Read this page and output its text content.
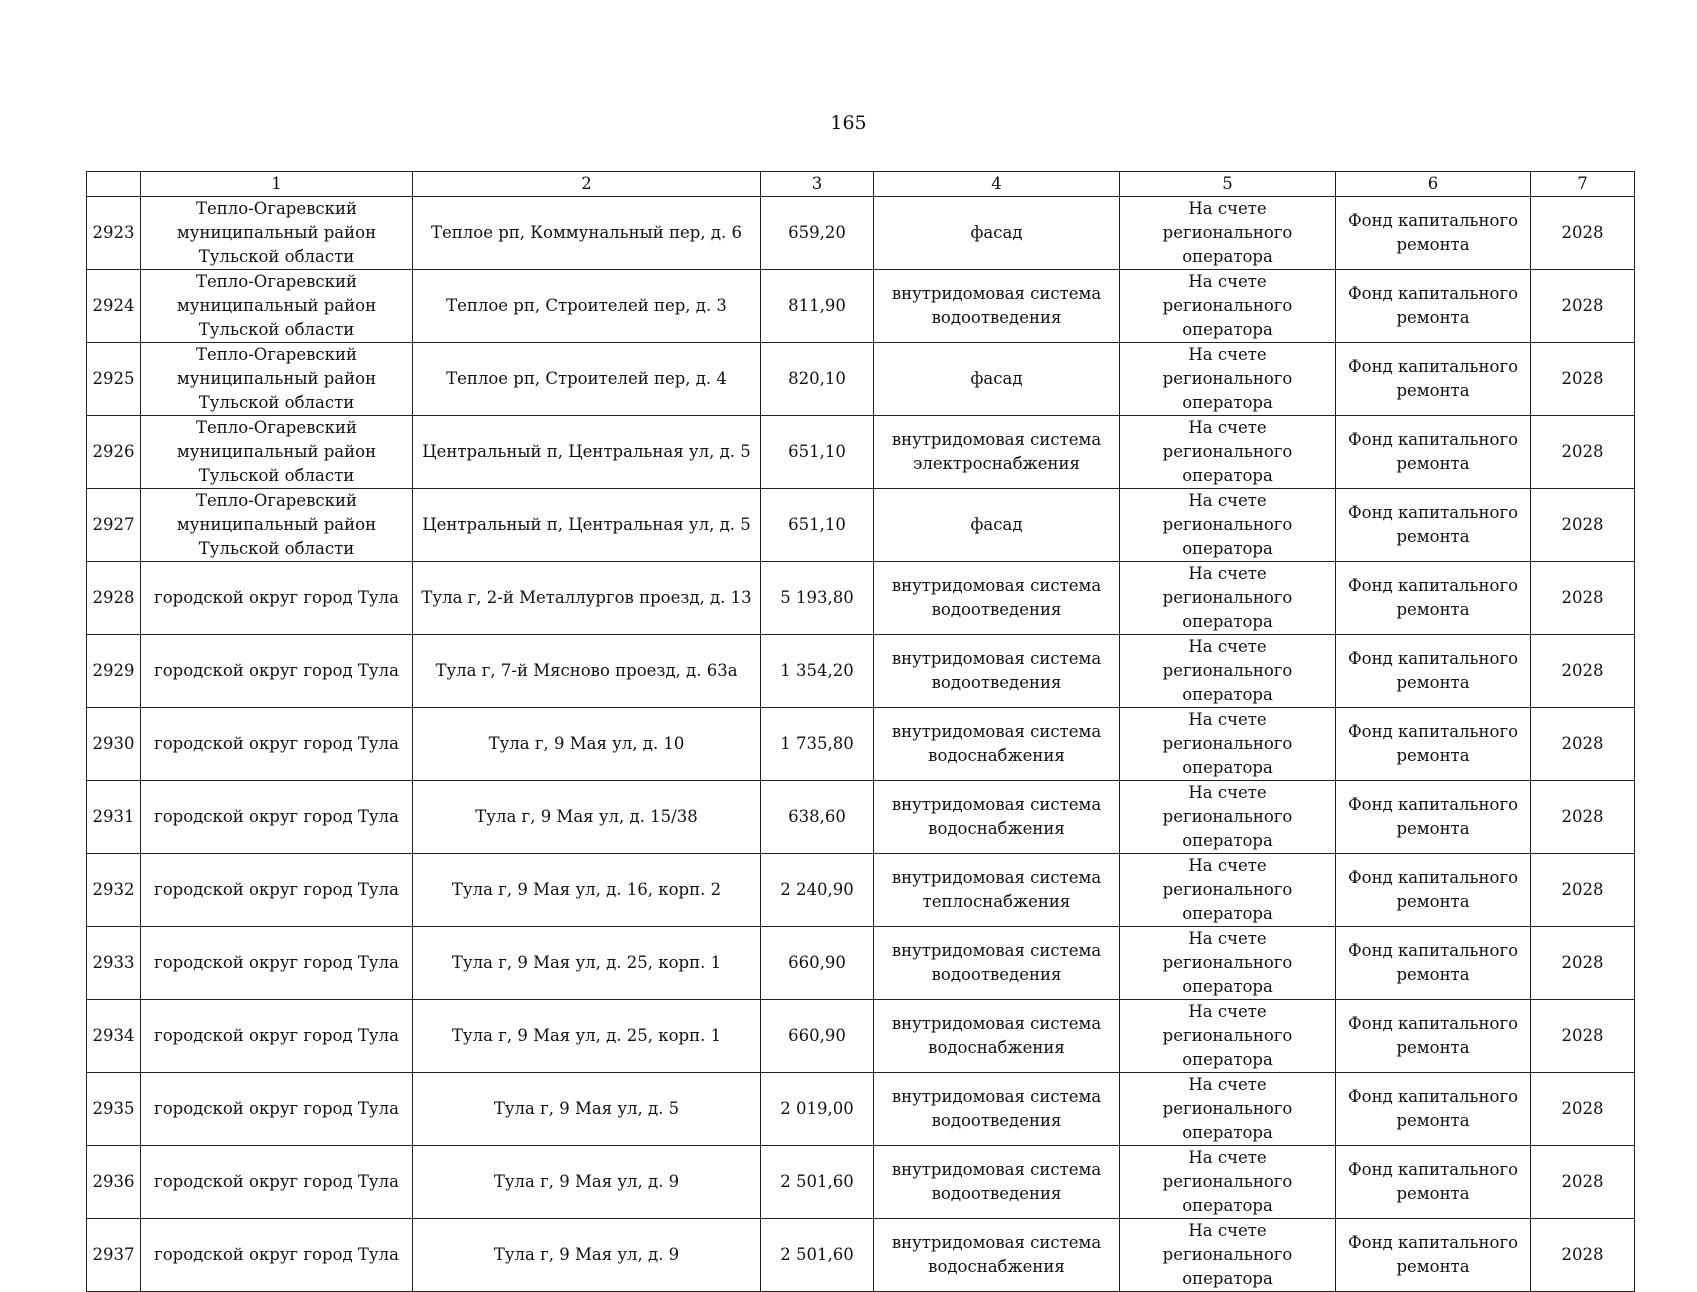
165
	1	2	3	4	5	6	7
2923	Тепло-Огаревский муниципальный район Тульской области	Теплое рп, Коммунальный пер, д. 6	659,20	фасад	На счете регионального оператора	Фонд капитального ремонта	2028
2924	Тепло-Огаревский муниципальный район Тульской области	Теплое рп, Строителей пер, д. 3	811,90	внутридомовая система водоотведения	На счете регионального оператора	Фонд капитального ремонта	2028
2925	Тепло-Огаревский муниципальный район Тульской области	Теплое рп, Строителей пер, д. 4	820,10	фасад	На счете регионального оператора	Фонд капитального ремонта	2028
2926	Тепло-Огаревский муниципальный район Тульской области	Центральный п, Центральная ул, д. 5	651,10	внутридомовая система электроснабжения	На счете регионального оператора	Фонд капитального ремонта	2028
2927	Тепло-Огаревский муниципальный район Тульской области	Центральный п, Центральная ул, д. 5	651,10	фасад	На счете регионального оператора	Фонд капитального ремонта	2028
2928	городской округ город Тула	Тула г, 2-й Металлургов проезд, д. 13	5 193,80	внутридомовая система водоотведения	На счете регионального оператора	Фонд капитального ремонта	2028
2929	городской округ город Тула	Тула г, 7-й Мясново проезд, д. 63а	1 354,20	внутридомовая система водоотведения	На счете регионального оператора	Фонд капитального ремонта	2028
2930	городской округ город Тула	Тула г, 9 Мая ул, д. 10	1 735,80	внутридомовая система водоснабжения	На счете регионального оператора	Фонд капитального ремонта	2028
2931	городской округ город Тула	Тула г, 9 Мая ул, д. 15/38	638,60	внутридомовая система водоснабжения	На счете регионального оператора	Фонд капитального ремонта	2028
2932	городской округ город Тула	Тула г, 9 Мая ул, д. 16, корп. 2	2 240,90	внутридомовая система теплоснабжения	На счете регионального оператора	Фонд капитального ремонта	2028
2933	городской округ город Тула	Тула г, 9 Мая ул, д. 25, корп. 1	660,90	внутридомовая система водоотведения	На счете регионального оператора	Фонд капитального ремонта	2028
2934	городской округ город Тула	Тула г, 9 Мая ул, д. 25, корп. 1	660,90	внутридомовая система водоснабжения	На счете регионального оператора	Фонд капитального ремонта	2028
2935	городской округ город Тула	Тула г, 9 Мая ул, д. 5	2 019,00	внутридомовая система водоотведения	На счете регионального оператора	Фонд капитального ремонта	2028
2936	городской округ город Тула	Тула г, 9 Мая ул, д. 9	2 501,60	внутридомовая система водоотведения	На счете регионального оператора	Фонд капитального ремонта	2028
2937	городской округ город Тула	Тула г, 9 Мая ул, д. 9	2 501,60	внутридомовая система водоснабжения	На счете регионального оператора	Фонд капитального ремонта	2028
